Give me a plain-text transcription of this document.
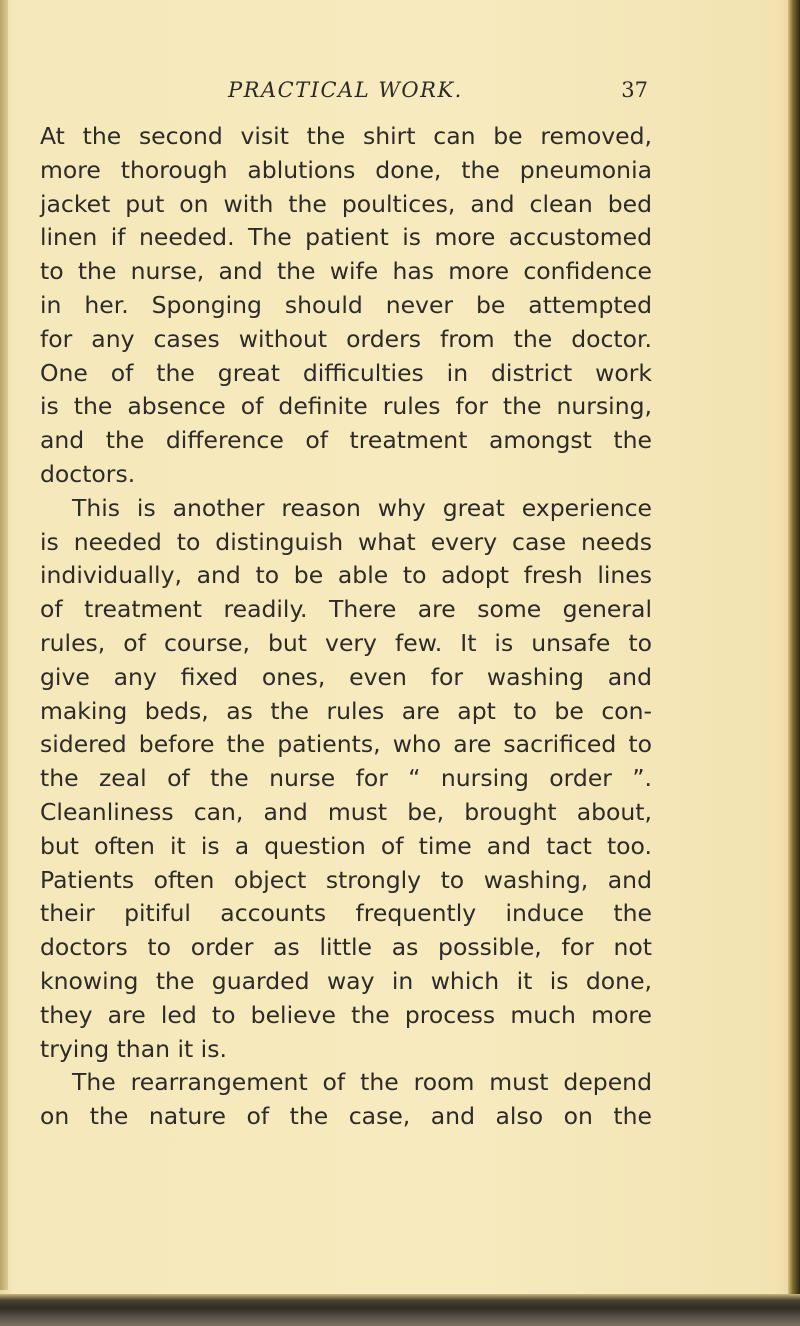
PRACTICAL WORK.	37
At the second visit the shirt can be removed,
more thorough ablutions done, the pneumonia
jacket put on with the poultices, and clean bed
linen if needed. The patient is more accustomed
to the nurse, and the wife has more confidence
in her. Sponging should never be attempted
for any cases without orders from the doctor.
One of the great difficulties in district work
is the absence of definite rules for the nursing,
and the difference of treatment amongst the
doctors.
This is another reason why great experience
is needed to distinguish what every case needs
individually, and to be able to adopt fresh lines
of treatment readily. There are some general
rules, of course, but very few. It is unsafe to
give any fixed ones, even for washing and
making beds, as the rules are apt to be con-
sidered before the patients, who are sacrificed to
the zeal of the nurse for “ nursing order ”.
Cleanliness can, and must be, brought about,
but often it is a question of time and tact too.
Patients often object strongly to washing, and
their pitiful accounts frequently induce the
doctors to order as little as possible, for not
knowing the guarded way in which it is done,
they are led to believe the process much more
trying than it is.
The rearrangement of the room must depend
on the nature of the case, and also on the
